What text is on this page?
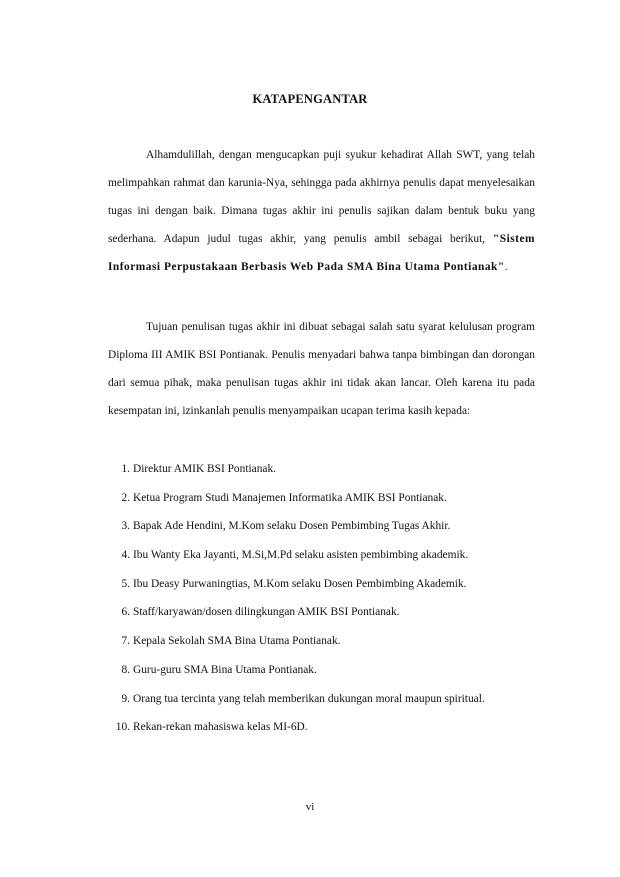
KATAPENGANTAR

Alhamdulillah, dengan mengucapkan puji syukur kehadirat Allah SWT, yang telah melimpahkan rahmat dan karunia-Nya, sehingga pada akhirnya penulis dapat menyelesaikan tugas ini dengan baik. Dimana tugas akhir ini penulis sajikan dalam bentuk buku yang sederhana. Adapun judul tugas akhir, yang penulis ambil sebagai berikut, "Sistem Informasi Perpustakaan Berbasis Web Pada SMA Bina Utama Pontianak".

Tujuan penulisan tugas akhir ini dibuat sebagai salah satu syarat kelulusan program Diploma III AMIK BSI Pontianak. Penulis menyadari bahwa tanpa bimbingan dan dorongan dari semua pihak, maka penulisan tugas akhir ini tidak akan lancar. Oleh karena itu pada kesempatan ini, izinkanlah penulis menyampaikan ucapan terima kasih kepada:

1. Direktur AMIK BSI Pontianak.
2. Ketua Program Studi Manajemen Informatika AMIK BSI Pontianak.
3. Bapak Ade Hendini, M.Kom selaku Dosen Pembimbing Tugas Akhir.
4. Ibu Wanty Eka Jayanti, M.Si,M.Pd selaku asisten pembimbing akademik.
5. Ibu Deasy Purwaningtias, M.Kom selaku Dosen Pembimbing Akademik.
6. Staff/karyawan/dosen dilingkungan AMIK BSI Pontianak.
7. Kepala Sekolah SMA Bina Utama Pontianak.
8. Guru-guru SMA Bina Utama Pontianak.
9. Orang tua tercinta yang telah memberikan dukungan moral maupun spiritual.
10. Rekan-rekan mahasiswa kelas MI-6D.
vi
